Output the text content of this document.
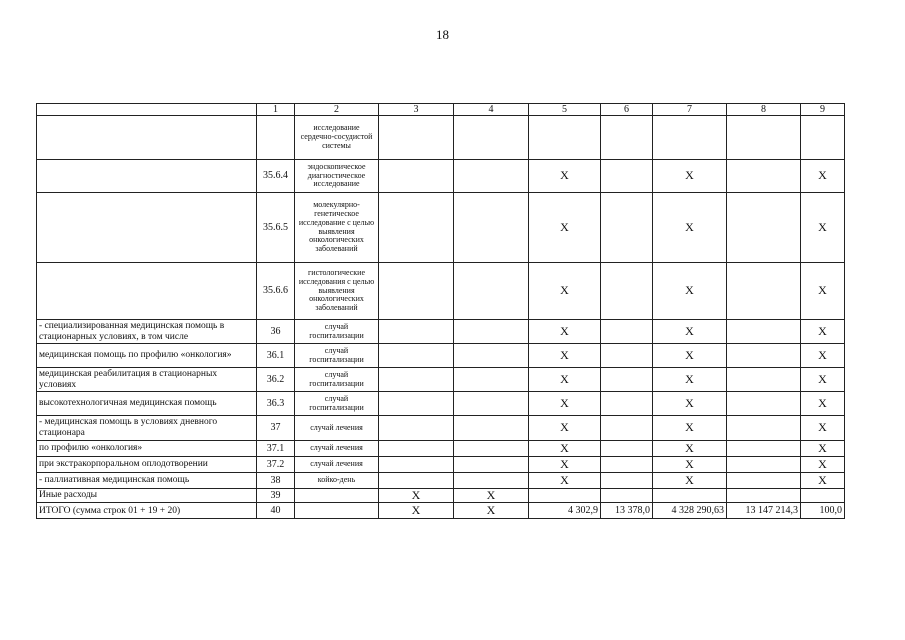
18
	1	2	3	4	5	6	7	8	9
		исследование сердечно-сосудистой системы							
	35.6.4	эндоскопическое диагностическое исследование			X		X		X
	35.6.5	молекулярно-генетическое исследование с целью выявления онкологических заболеваний			X		X		X
	35.6.6	гистологические исследования с целью выявления онкологических заболеваний			X		X		X
- специализированная медицинская помощь в стационарных условиях, в том числе	36	случай госпитализации			X		X		X
медицинская помощь по профилю «онкология»	36.1	случай госпитализации			X		X		X
медицинская реабилитация в стационарных условиях	36.2	случай госпитализации			X		X		X
высокотехнологичная медицинская помощь	36.3	случай госпитализации			X		X		X
- медицинская помощь в условиях дневного стационара	37	случай лечения			X		X		X
по профилю «онкология»	37.1	случай лечения			X		X		X
при экстракорпоральном оплодотворении	37.2	случай лечения			X		X		X
- паллиативная медицинская помощь	38	койко-день			X		X		X
Иные расходы	39		X	X					
ИТОГО (сумма строк 01 + 19 + 20)	40		X	X	4 302,9	13 378,0	4 328 290,63	13 147 214,3	100,0
